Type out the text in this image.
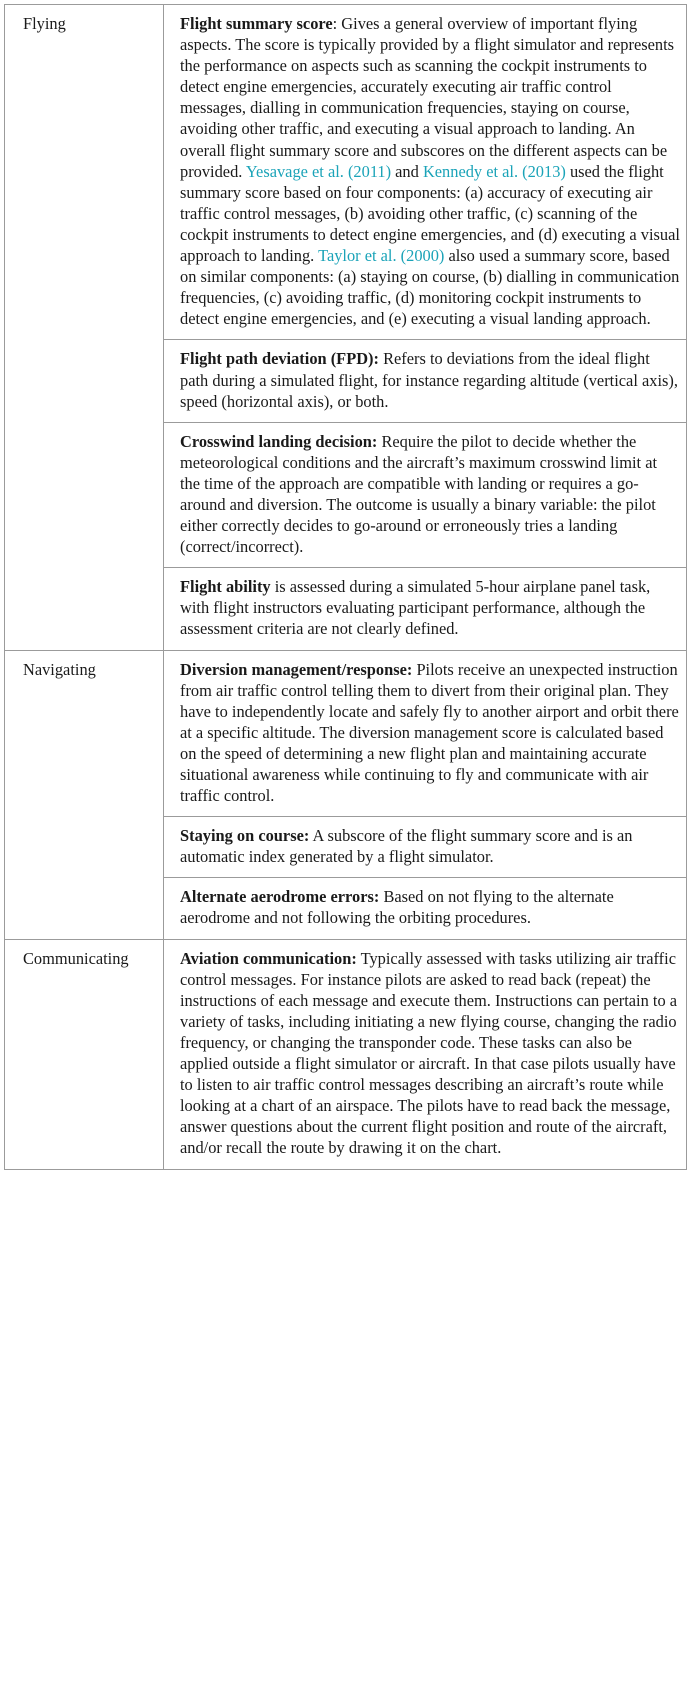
Flying	Flight summary score: Gives a general overview of important flying aspects. The score is typically provided by a flight simulator and represents the performance on aspects such as scanning the cockpit instruments to detect engine emergencies, accurately executing air traffic control messages, dialling in communication frequencies, staying on course, avoiding other traffic, and executing a visual approach to landing. An overall flight summary score and subscores on the different aspects can be provided. Yesavage et al. (2011) and Kennedy et al. (2013) used the flight summary score based on four components: (a) accuracy of executing air traffic control messages, (b) avoiding other traffic, (c) scanning of the cockpit instruments to detect engine emergencies, and (d) executing a visual approach to landing. Taylor et al. (2000) also used a summary score, based on similar components: (a) staying on course, (b) dialling in communication frequencies, (c) avoiding traffic, (d) monitoring cockpit instruments to detect engine emergencies, and (e) executing a visual landing approach.
	Flight path deviation (FPD): Refers to deviations from the ideal flight path during a simulated flight, for instance regarding altitude (vertical axis), speed (horizontal axis), or both.
	Crosswind landing decision: Require the pilot to decide whether the meteorological conditions and the aircraft’s maximum crosswind limit at the time of the approach are compatible with landing or requires a go-around and diversion. The outcome is usually a binary variable: the pilot either correctly decides to go-around or erroneously tries a landing (correct/incorrect).
	Flight ability is assessed during a simulated 5-hour airplane panel task, with flight instructors evaluating participant performance, although the assessment criteria are not clearly defined.
Navigating	Diversion management/response: Pilots receive an unexpected instruction from air traffic control telling them to divert from their original plan. They have to independently locate and safely fly to another airport and orbit there at a specific altitude. The diversion management score is calculated based on the speed of determining a new flight plan and maintaining accurate situational awareness while continuing to fly and communicate with air traffic control.
	Staying on course: A subscore of the flight summary score and is an automatic index generated by a flight simulator.
	Alternate aerodrome errors: Based on not flying to the alternate aerodrome and not following the orbiting procedures.
Communicating	Aviation communication: Typically assessed with tasks utilizing air traffic control messages. For instance pilots are asked to read back (repeat) the instructions of each message and execute them. Instructions can pertain to a variety of tasks, including initiating a new flying course, changing the radio frequency, or changing the transponder code. These tasks can also be applied outside a flight simulator or aircraft. In that case pilots usually have to listen to air traffic control messages describing an aircraft’s route while looking at a chart of an airspace. The pilots have to read back the message, answer questions about the current flight position and route of the aircraft, and/or recall the route by drawing it on the chart.
